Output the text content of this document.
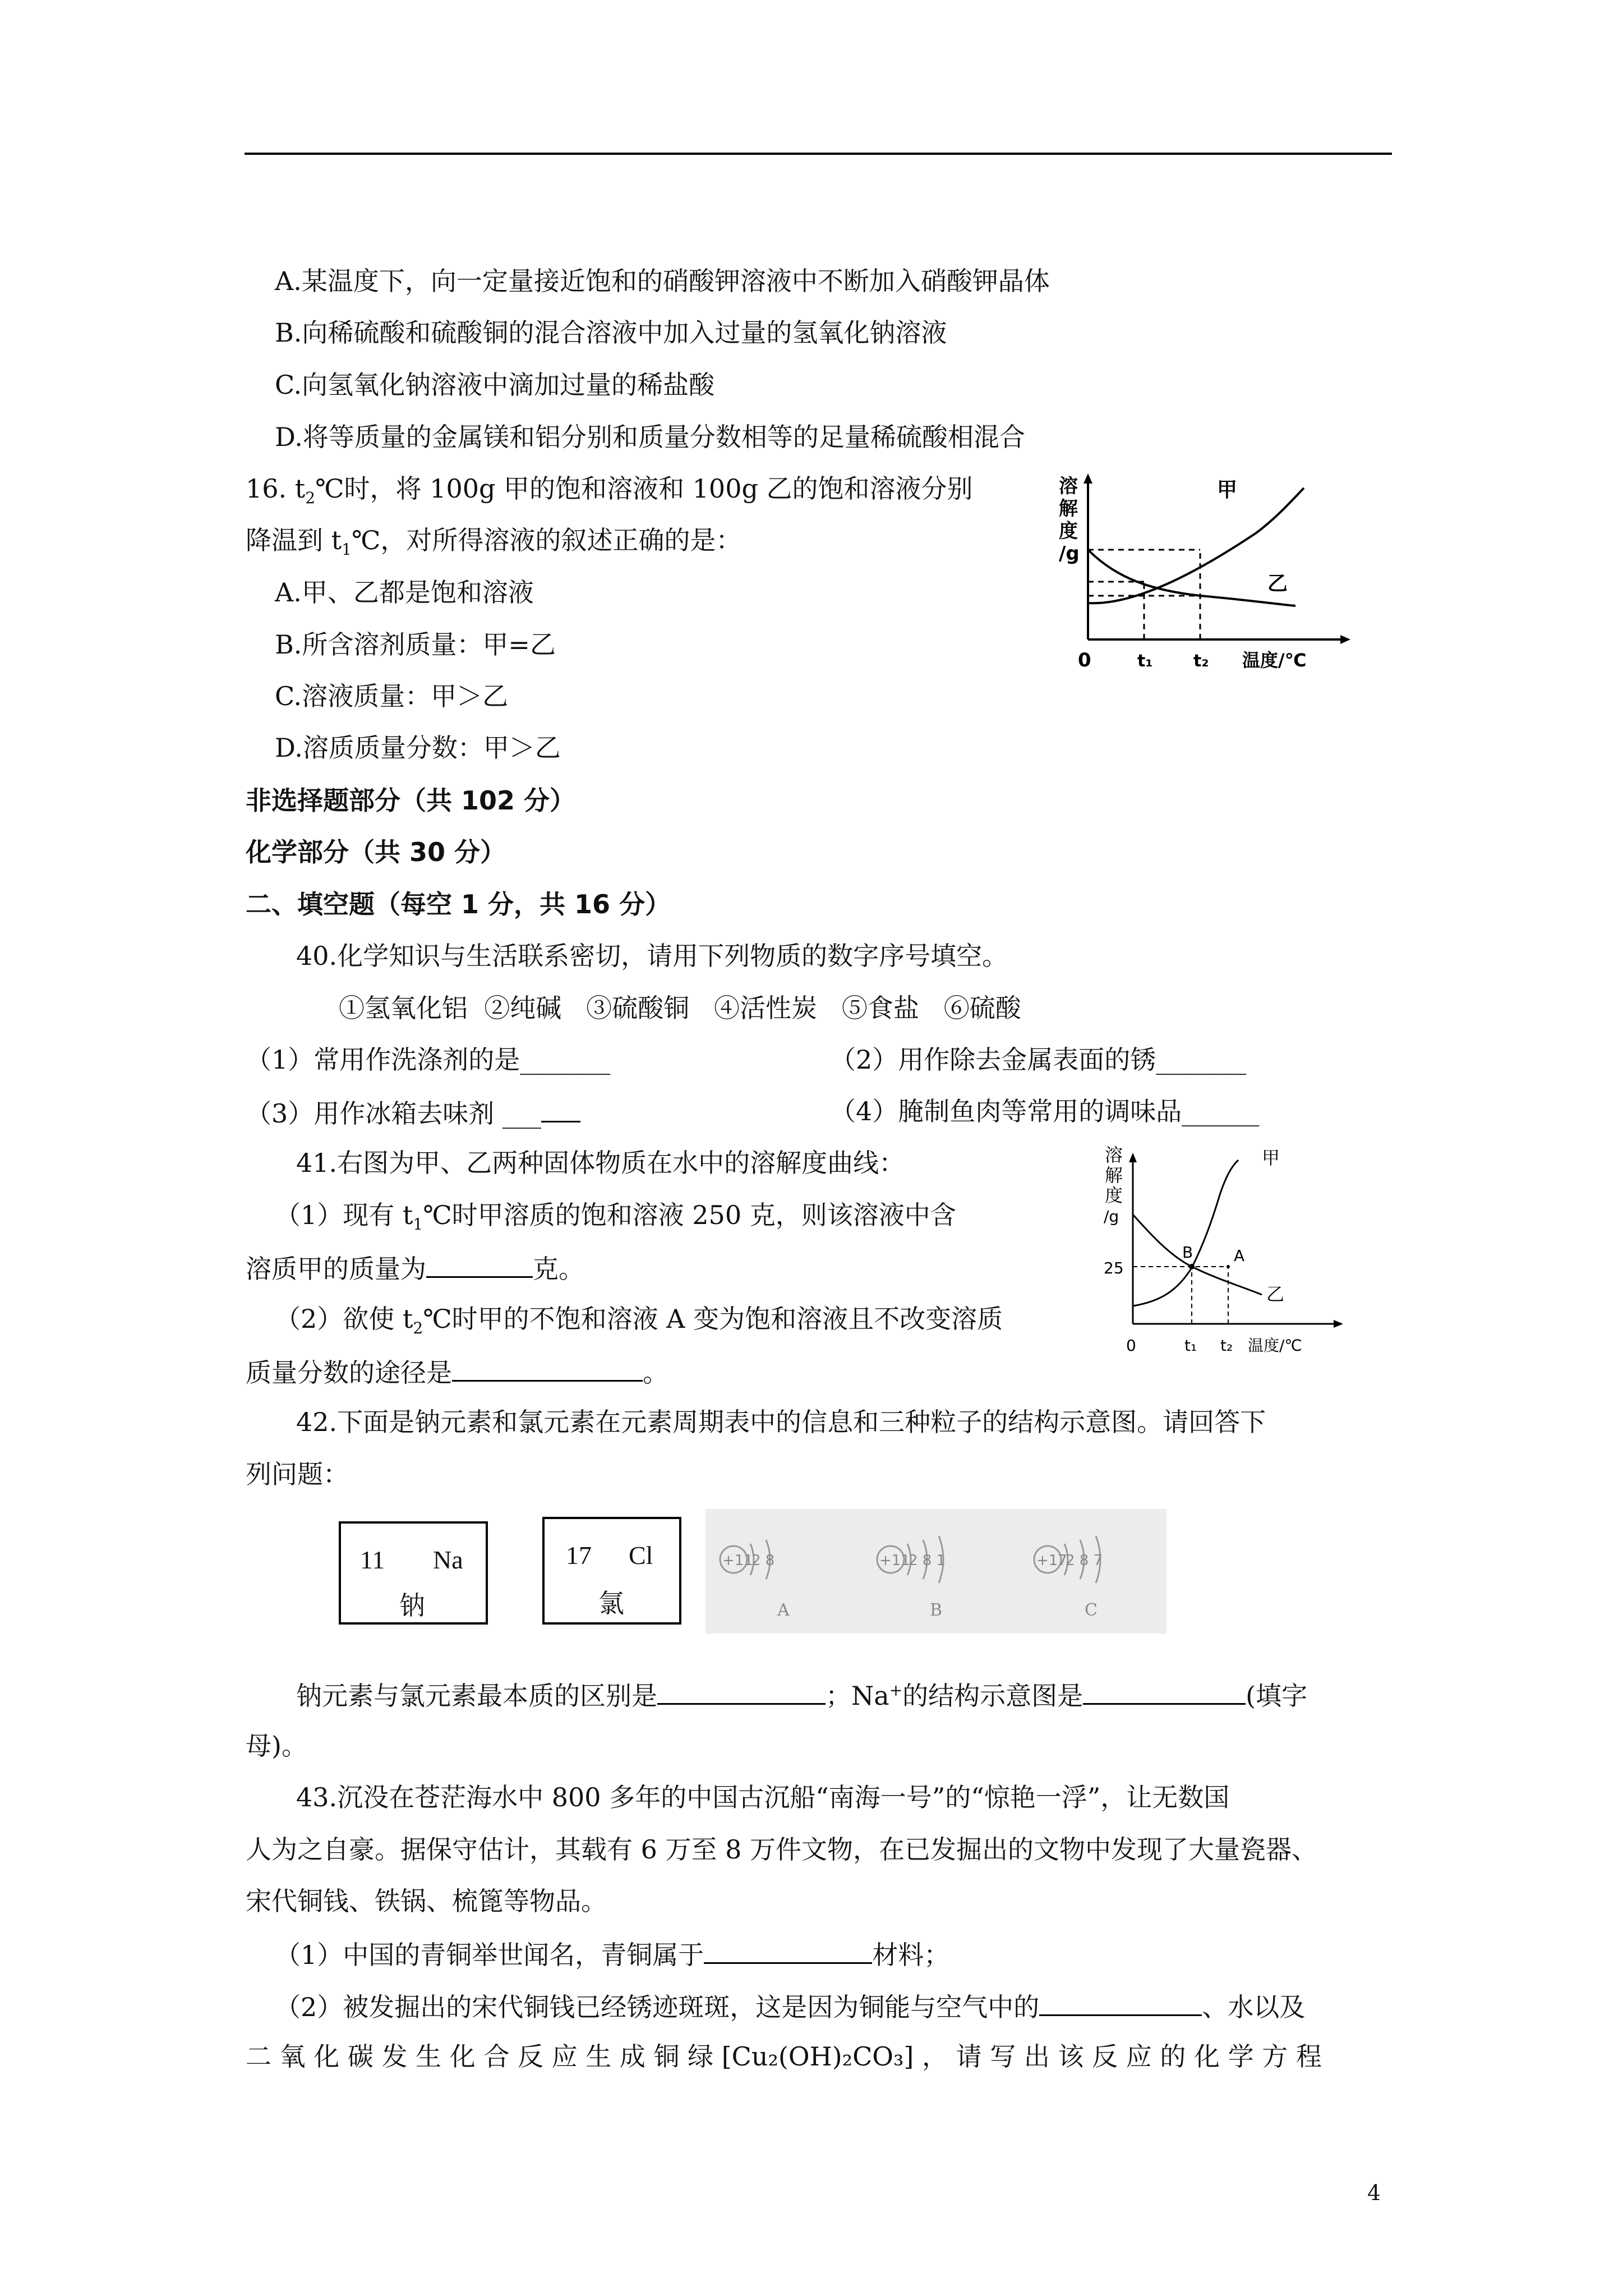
A.某温度下，向一定量接近饱和的硝酸钾溶液中不断加入硝酸钾晶体
B.向稀硫酸和硫酸铜的混合溶液中加入过量的氢氧化钠溶液
C.向氢氧化钠溶液中滴加过量的稀盐酸
D.将等质量的金属镁和铝分别和质量分数相等的足量稀硫酸相混合
16. $t_2℃$时，将 100g 甲的饱和溶液和 100g 乙的饱和溶液分别
降温到 $t_1℃$，对所得溶液的叙述正确的是：
A.甲、乙都是饱和溶液
B.所含溶剂质量：甲=乙
C.溶液质量：甲＞乙
D.溶质质量分数：甲＞乙
溶
解
度
/g
0	t₁ t₂ 温度/℃
甲
乙
非选择题部分（共 102 分）
化学部分（共 30 分）
二、填空题（每空 1 分，共 16 分）
40.化学知识与生活联系密切，请用下列物质的数字序号填空。
①氢氧化铝  ②纯碱   ③硫酸铜   ④活性炭   ⑤食盐   ⑥硫酸
（1）常用作洗涤剂的是_______	（2）用作除去金属表面的锈_______
（3）用作冰箱去味剂 ___	（4）腌制鱼肉等常用的调味品______
41.右图为甲、乙两种固体物质在水中的溶解度曲线：
（1）现有 $t_1℃$时甲溶质的饱和溶液 250 克，则该溶液中含
溶质甲的质量为	克。
（2）欲使 $t_2℃$时甲的不饱和溶液 A 变为饱和溶液且不改变溶质
质量分数的途径是	。
溶
解
度
/g
25
0	t₁ t₂ 温度/℃
B	A
甲
乙
42.下面是钠元素和氯元素在元素周期表中的信息和三种粒子的结构示意图。请回答下
列问题：
11 Na
钠
17 Cl
氯
+11
2 8
A
+11
2 8 1
B
+17
2 8 7
C
钠元素与氯元素最本质的区别是	；Na+的结构示意图是	(填字
母)。
43.沉没在苍茫海水中 800 多年的中国古沉船“南海一号”的“惊艳一浮”，让无数国
人为之自豪。据保守估计，其载有 6 万至 8 万件文物，在已发掘出的文物中发现了大量瓷器、
宋代铜钱、铁锅、梳篦等物品。
（1）中国的青铜举世闻名，青铜属于	材料；
（2）被发掘出的宋代铜钱已经锈迹斑斑，这是因为铜能与空气中的	、水以及
二 氧 化 碳 发 生 化 合 反 应 生 成 铜 绿 [Cu₂(OH)₂CO₃] ， 请 写 出 该 反 应 的 化 学 方 程
4
